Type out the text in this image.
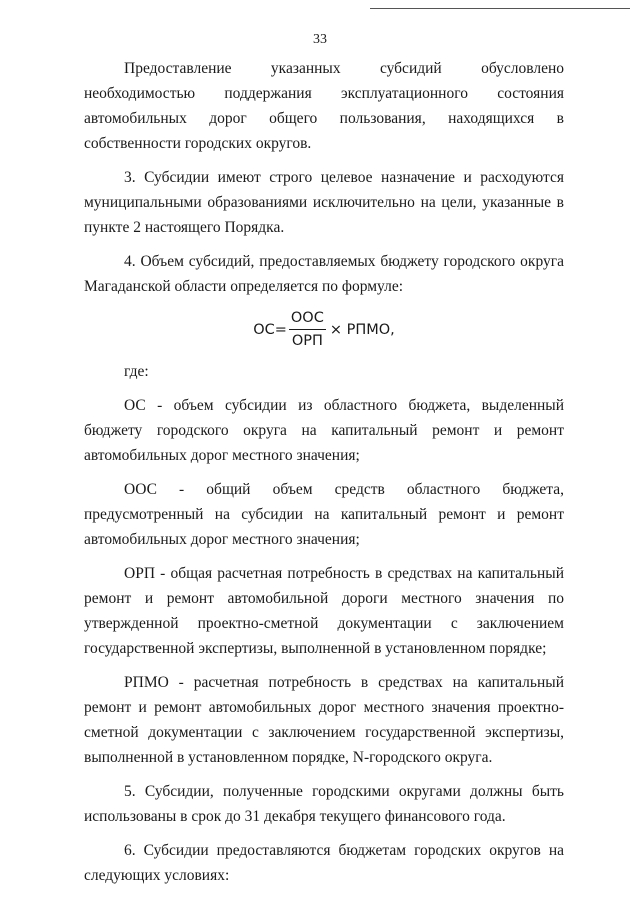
33

Предоставление указанных субсидий обусловлено необходимостью поддержания эксплуатационного состояния автомобильных дорог общего пользования, находящихся в собственности городских округов.

3. Субсидии имеют строго целевое назначение и расходуются муниципальными образованиями исключительно на цели, указанные в пункте 2 настоящего Порядка.

4. Объем субсидий, предоставляемых бюджету городского округа Магаданской области определяется по формуле:

$ОС= \frac{\text{ООС}}{\text{ОРП}}$ × РПМО,

где:

ОС - объем субсидии из областного бюджета, выделенный бюджету городского округа на капитальный ремонт и ремонт автомобильных дорог местного значения;

ООС - общий объем средств областного бюджета, предусмотренный на субсидии на капитальный ремонт и ремонт автомобильных дорог местного значения;

ОРП - общая расчетная потребность в средствах на капитальный ремонт и ремонт автомобильной дороги местного значения по утвержденной проектно-сметной документации с заключением государственной экспертизы, выполненной в установленном порядке;

РПМО - расчетная потребность в средствах на капитальный ремонт и ремонт автомобильных дорог местного значения проектно-сметной документации с заключением государственной экспертизы, выполненной в установленном порядке, N-городского округа.

5. Субсидии, полученные городскими округами должны быть использованы в срок до 31 декабря текущего финансового года.

6. Субсидии предоставляются бюджетам городских округов на следующих условиях:
